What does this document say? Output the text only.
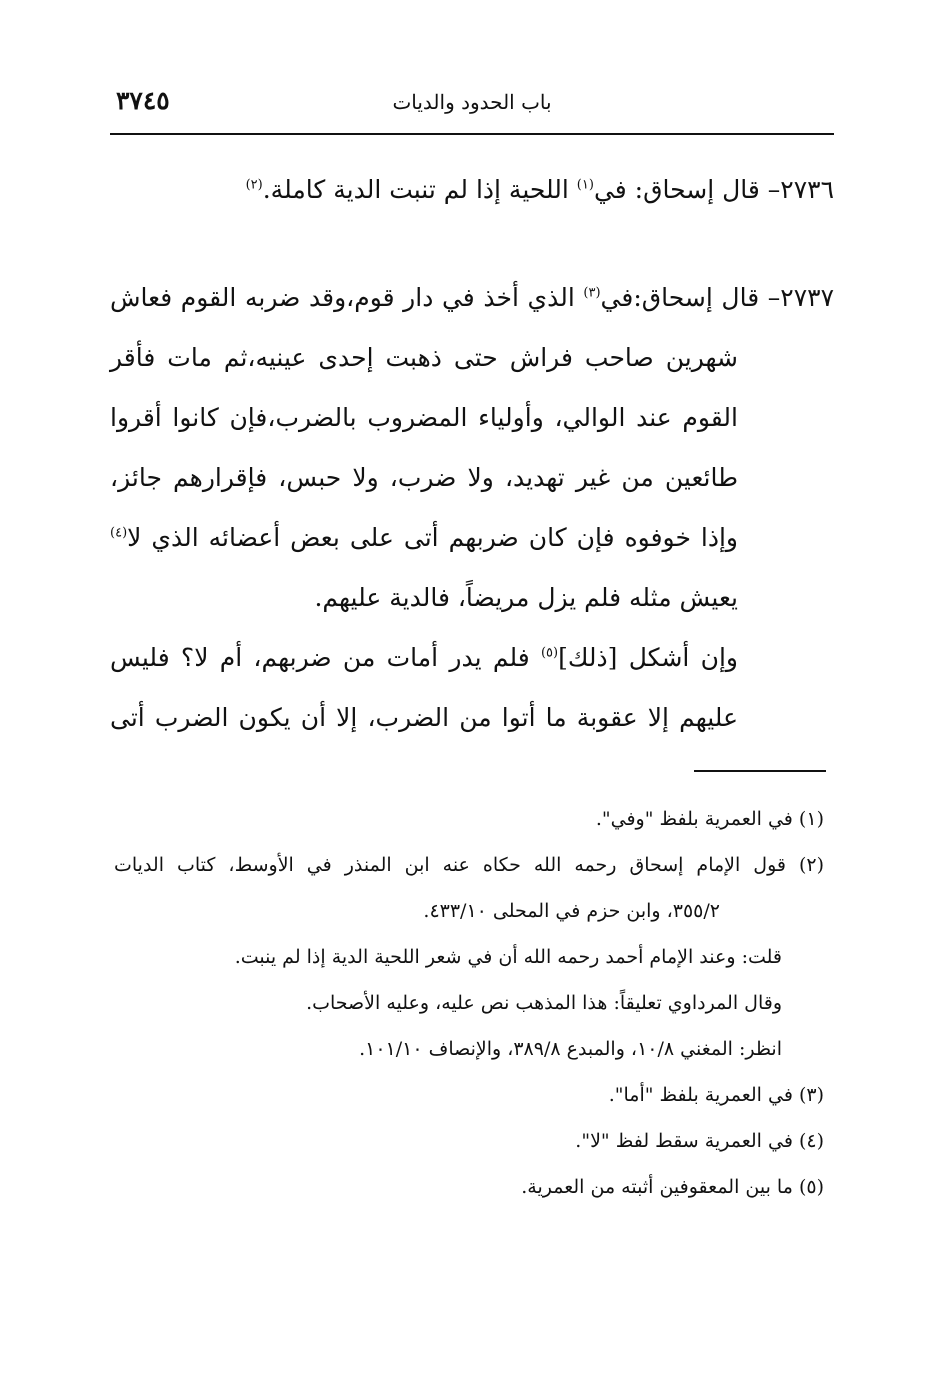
باب الحدود والديات
٣٧٤٥
٢٧٣٦– قال إسحاق: في$^{(١)}$ اللحية إذا لم تنبت الدية كاملة.$^{(٢)}$
٢٧٣٧– قال إسحاق:في$^{(٣)}$ الذي أخذ في دار قوم،وقد ضربه القوم فعاش
شهرين صاحب فراش حتى ذهبت إحدى عينيه،ثم مات فأقر
القوم عند الوالي، وأولياء المضروب بالضرب،فإن كانوا أقروا
طائعين من غير تهديد، ولا ضرب، ولا حبس، فإقرارهم جائز،
وإذا خوفوه فإن كان ضربهم أتى على بعض أعضائه الذي لا$^{(٤)}$
يعيش مثله فلم يزل مريضاً، فالدية عليهم.
وإن أشكل [ذلك]$^{(٥)}$ فلم يدر أمات من ضربهم، أم لا؟ فليس
عليهم إلا عقوبة ما أتوا من الضرب، إلا أن يكون الضرب أتى
(١) في العمرية بلفظ "وفي".
(٢) قول الإمام إسحاق رحمه الله حكاه عنه ابن المنذر في الأوسط، كتاب الديات
٣٥٥/٢، وابن حزم في المحلى ٤٣٣/١٠.
قلت: وعند الإمام أحمد رحمه الله أن في شعر اللحية الدية إذا لم ينبت.
وقال المرداوي تعليقاً: هذا المذهب نص عليه، وعليه الأصحاب.
انظر: المغني ١٠/٨، والمبدع ٣٨٩/٨، والإنصاف ١٠١/١٠.
(٣) في العمرية بلفظ "أما".
(٤) في العمرية سقط لفظ "لا".
(٥) ما بين المعقوفين أثبته من العمرية.
